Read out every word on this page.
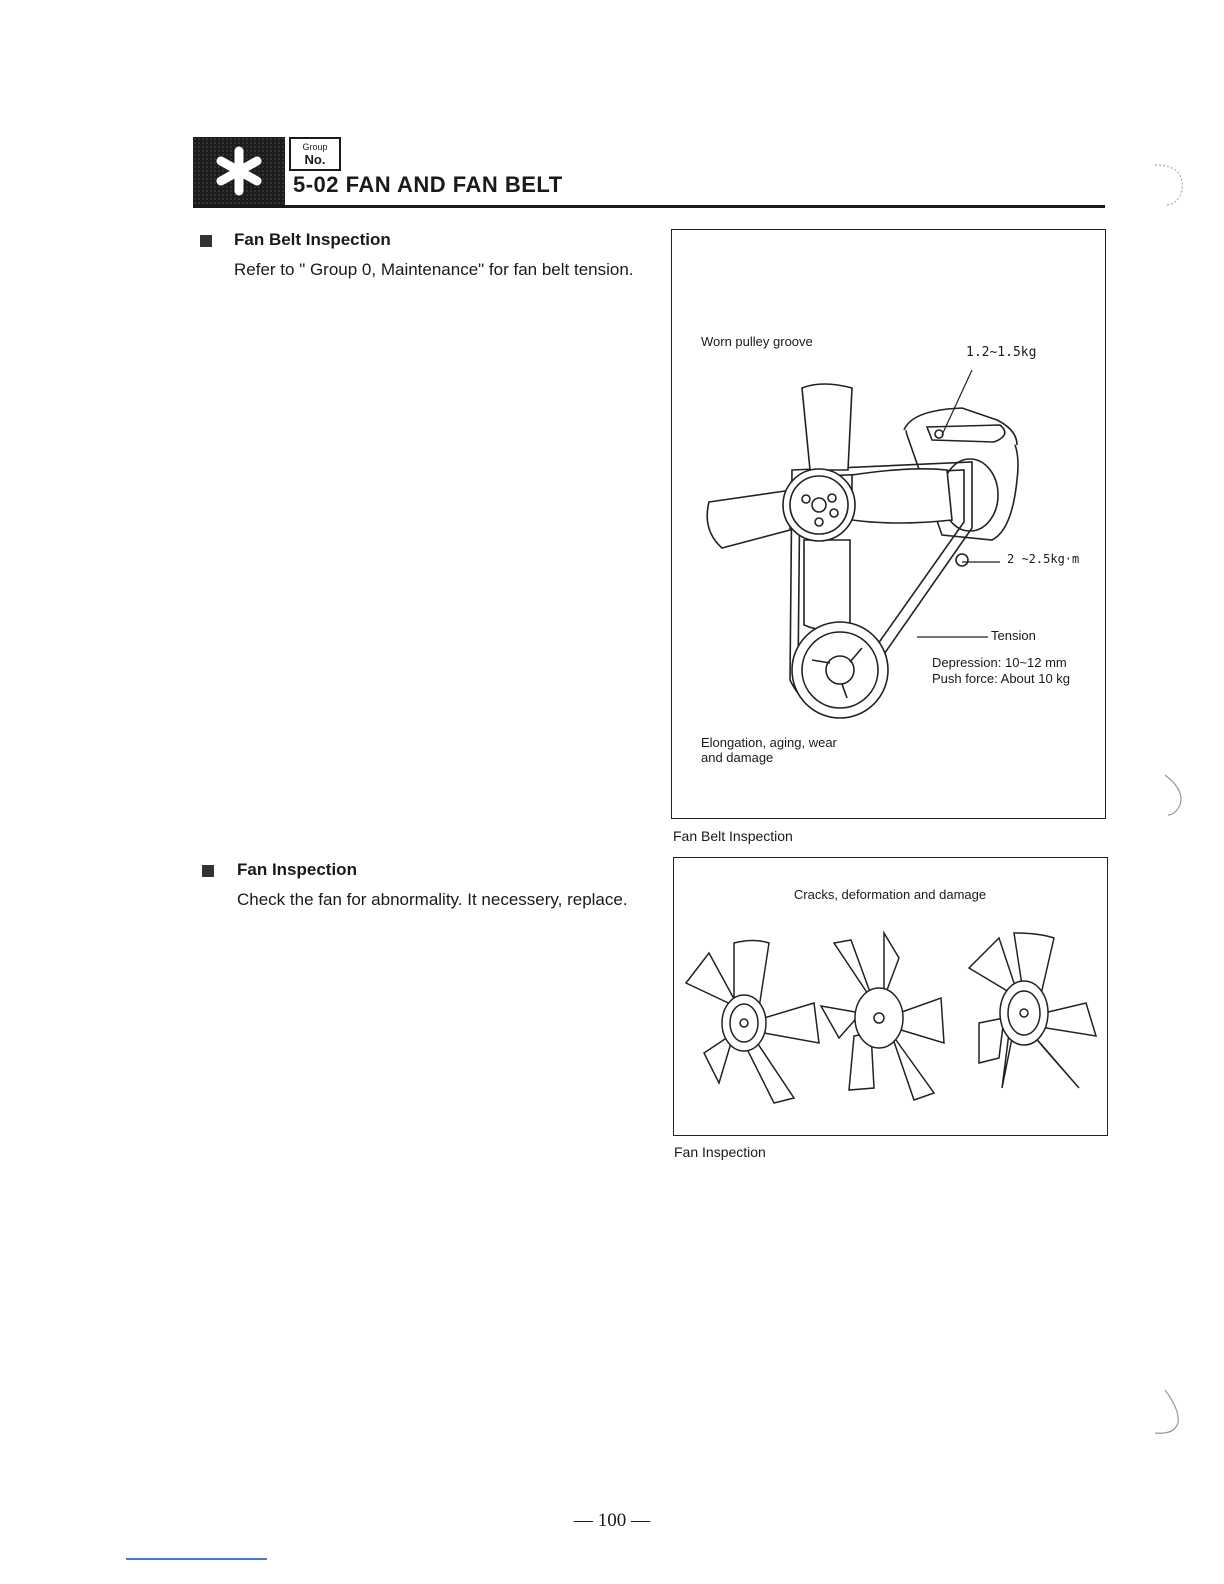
Group
No.
5-02 FAN AND FAN BELT
Fan Belt Inspection
Refer to " Group 0, Maintenance" for fan belt tension.
Fan Inspection
Check the fan for abnormality. It necessery, replace.
Worn pulley groove
1.2~1.5kg
2 ~2.5kg·m
Tension
Depression: 10~12 mm
Push force: About 10 kg
Elongation, aging, wear
and damage
Fan Belt Inspection
Cracks, deformation and damage
Fan Inspection
— 100 —
